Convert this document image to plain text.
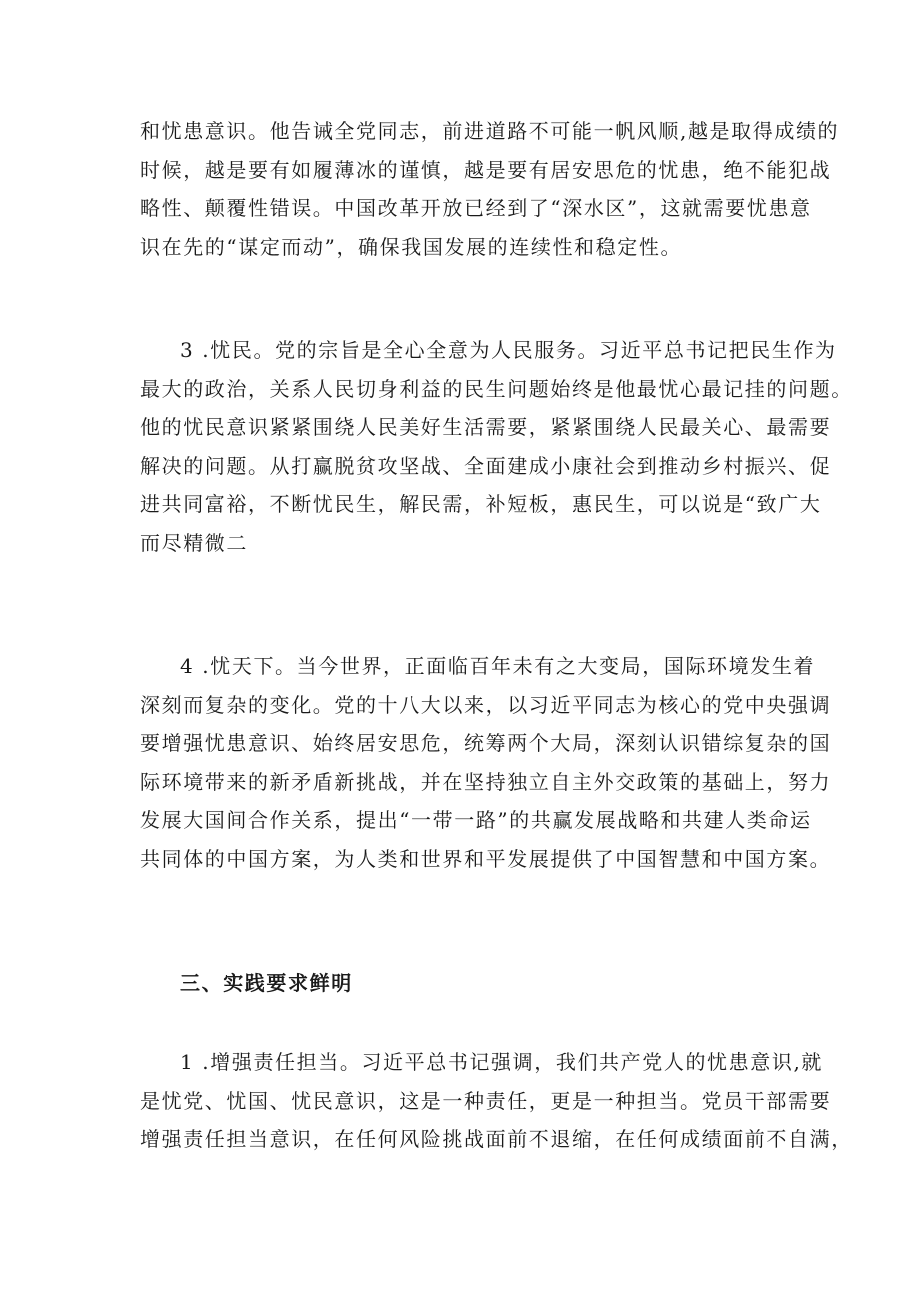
和忧患意识。他告诫全党同志，前进道路不可能一帆风顺,越是取得成绩的
时候，越是要有如履薄冰的谨慎，越是要有居安思危的忧患，绝不能犯战
略性、颠覆性错误。中国改革开放已经到了“深水区”，这就需要忧患意
识在先的“谋定而动”，确保我国发展的连续性和稳定性。

3 .忧民。党的宗旨是全心全意为人民服务。习近平总书记把民生作为
最大的政治，关系人民切身利益的民生问题始终是他最忧心最记挂的问题。
他的忧民意识紧紧围绕人民美好生活需要，紧紧围绕人民最关心、最需要
解决的问题。从打赢脱贫攻坚战、全面建成小康社会到推动乡村振兴、促
进共同富裕，不断忧民生，解民需，补短板，惠民生，可以说是“致广大
而尽精微二

4 .忧天下。当今世界，正面临百年未有之大变局，国际环境发生着
深刻而复杂的变化。党的十八大以来，以习近平同志为核心的党中央强调
要增强忧患意识、始终居安思危，统筹两个大局，深刻认识错综复杂的国
际环境带来的新矛盾新挑战，并在坚持独立自主外交政策的基础上，努力
发展大国间合作关系，提出“一带一路”的共赢发展战略和共建人类命运
共同体的中国方案，为人类和世界和平发展提供了中国智慧和中国方案。

三、实践要求鲜明

1 .增强责任担当。习近平总书记强调，我们共产党人的忧患意识,就
是忧党、忧国、忧民意识，这是一种责任，更是一种担当。党员干部需要
增强责任担当意识，在任何风险挑战面前不退缩，在任何成绩面前不自满，
